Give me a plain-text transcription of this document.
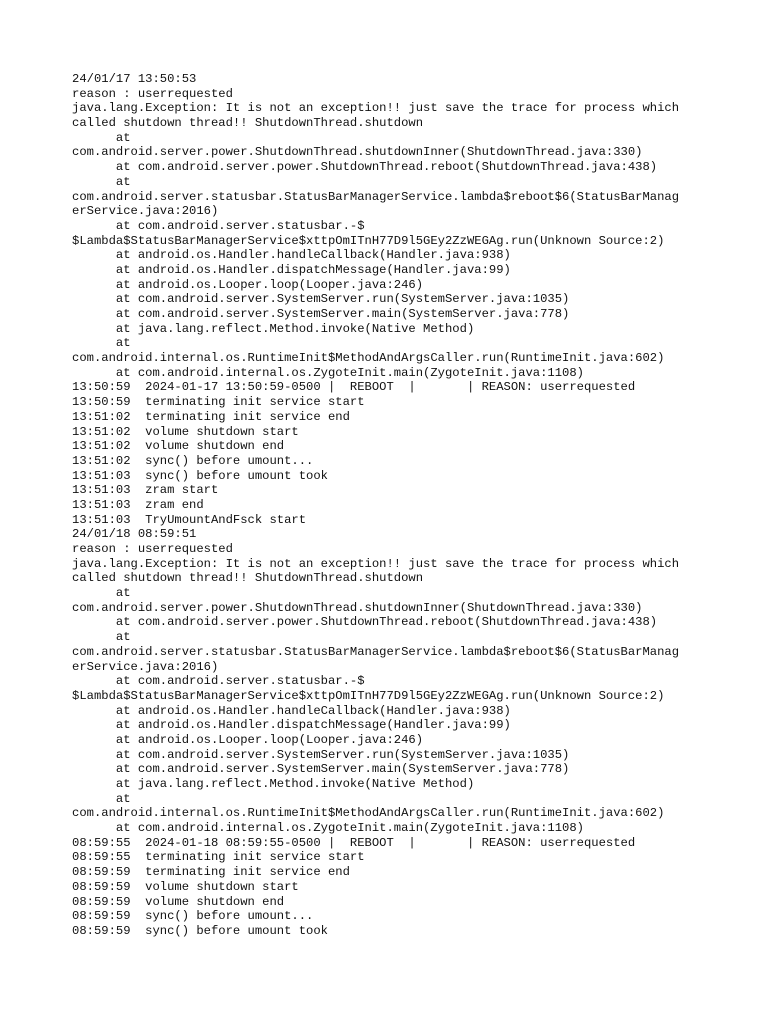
24/01/17 13:50:53
reason : userrequested
java.lang.Exception: It is not an exception!! just save the trace for process which
called shutdown thread!! ShutdownThread.shutdown
at
com.android.server.power.ShutdownThread.shutdownInner(ShutdownThread.java:330)
at com.android.server.power.ShutdownThread.reboot(ShutdownThread.java:438)
at
com.android.server.statusbar.StatusBarManagerService.lambda$reboot$6(StatusBarManag
erService.java:2016)
at com.android.server.statusbar.-$
$Lambda$StatusBarManagerService$xttpOmITnH77D9l5GEy2ZzWEGAg.run(Unknown Source:2)
at android.os.Handler.handleCallback(Handler.java:938)
at android.os.Handler.dispatchMessage(Handler.java:99)
at android.os.Looper.loop(Looper.java:246)
at com.android.server.SystemServer.run(SystemServer.java:1035)
at com.android.server.SystemServer.main(SystemServer.java:778)
at java.lang.reflect.Method.invoke(Native Method)
at
com.android.internal.os.RuntimeInit$MethodAndArgsCaller.run(RuntimeInit.java:602)
at com.android.internal.os.ZygoteInit.main(ZygoteInit.java:1108)
13:50:59  2024-01-17 13:50:59-0500 |  REBOOT  |       | REASON: userrequested
13:50:59  terminating init service start
13:51:02  terminating init service end
13:51:02  volume shutdown start
13:51:02  volume shutdown end
13:51:02  sync() before umount...
13:51:03  sync() before umount took
13:51:03  zram start
13:51:03  zram end
13:51:03  TryUmountAndFsck start
24/01/18 08:59:51
reason : userrequested
java.lang.Exception: It is not an exception!! just save the trace for process which
called shutdown thread!! ShutdownThread.shutdown
at
com.android.server.power.ShutdownThread.shutdownInner(ShutdownThread.java:330)
at com.android.server.power.ShutdownThread.reboot(ShutdownThread.java:438)
at
com.android.server.statusbar.StatusBarManagerService.lambda$reboot$6(StatusBarManag
erService.java:2016)
at com.android.server.statusbar.-$
$Lambda$StatusBarManagerService$xttpOmITnH77D9l5GEy2ZzWEGAg.run(Unknown Source:2)
at android.os.Handler.handleCallback(Handler.java:938)
at android.os.Handler.dispatchMessage(Handler.java:99)
at android.os.Looper.loop(Looper.java:246)
at com.android.server.SystemServer.run(SystemServer.java:1035)
at com.android.server.SystemServer.main(SystemServer.java:778)
at java.lang.reflect.Method.invoke(Native Method)
at
com.android.internal.os.RuntimeInit$MethodAndArgsCaller.run(RuntimeInit.java:602)
at com.android.internal.os.ZygoteInit.main(ZygoteInit.java:1108)
08:59:55  2024-01-18 08:59:55-0500 |  REBOOT  |       | REASON: userrequested
08:59:55  terminating init service start
08:59:59  terminating init service end
08:59:59  volume shutdown start
08:59:59  volume shutdown end
08:59:59  sync() before umount...
08:59:59  sync() before umount took
